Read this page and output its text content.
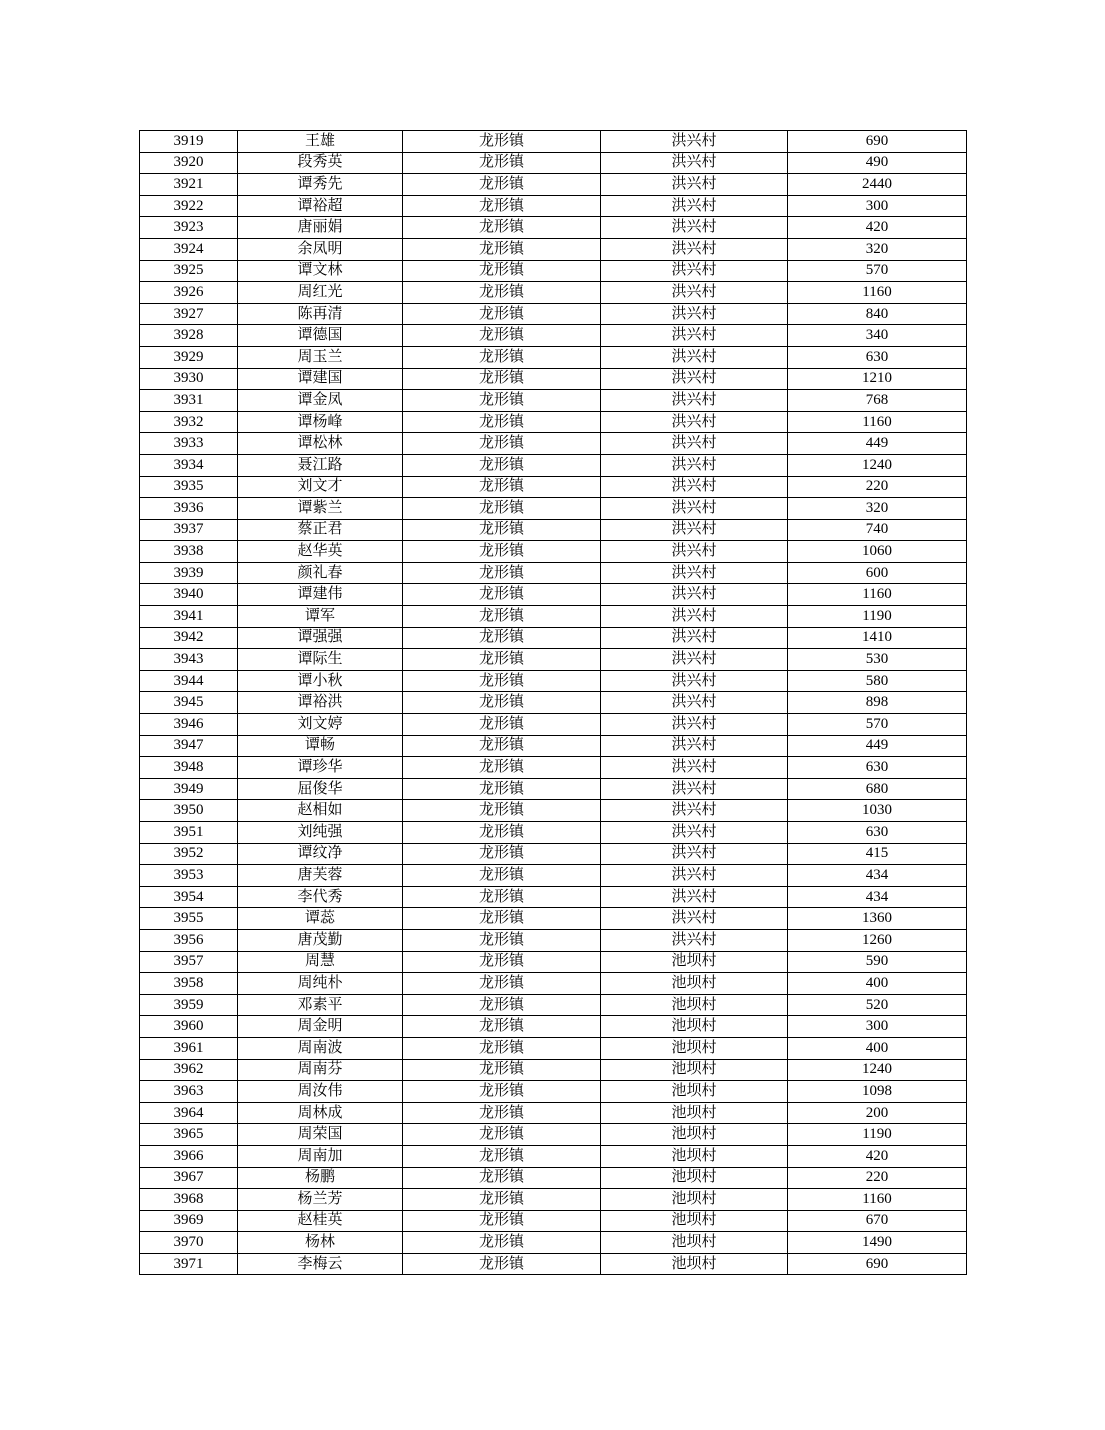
3919	王雄	龙形镇	洪兴村	690
3920	段秀英	龙形镇	洪兴村	490
3921	谭秀先	龙形镇	洪兴村	2440
3922	谭裕超	龙形镇	洪兴村	300
3923	唐丽娟	龙形镇	洪兴村	420
3924	余凤明	龙形镇	洪兴村	320
3925	谭文林	龙形镇	洪兴村	570
3926	周红光	龙形镇	洪兴村	1160
3927	陈再清	龙形镇	洪兴村	840
3928	谭德国	龙形镇	洪兴村	340
3929	周玉兰	龙形镇	洪兴村	630
3930	谭建国	龙形镇	洪兴村	1210
3931	谭金凤	龙形镇	洪兴村	768
3932	谭杨峰	龙形镇	洪兴村	1160
3933	谭松林	龙形镇	洪兴村	449
3934	聂江路	龙形镇	洪兴村	1240
3935	刘文才	龙形镇	洪兴村	220
3936	谭紫兰	龙形镇	洪兴村	320
3937	蔡正君	龙形镇	洪兴村	740
3938	赵华英	龙形镇	洪兴村	1060
3939	颜礼春	龙形镇	洪兴村	600
3940	谭建伟	龙形镇	洪兴村	1160
3941	谭军	龙形镇	洪兴村	1190
3942	谭强强	龙形镇	洪兴村	1410
3943	谭际生	龙形镇	洪兴村	530
3944	谭小秋	龙形镇	洪兴村	580
3945	谭裕洪	龙形镇	洪兴村	898
3946	刘文婷	龙形镇	洪兴村	570
3947	谭畅	龙形镇	洪兴村	449
3948	谭珍华	龙形镇	洪兴村	630
3949	屈俊华	龙形镇	洪兴村	680
3950	赵相如	龙形镇	洪兴村	1030
3951	刘纯强	龙形镇	洪兴村	630
3952	谭纹净	龙形镇	洪兴村	415
3953	唐芙蓉	龙形镇	洪兴村	434
3954	李代秀	龙形镇	洪兴村	434
3955	谭蕊	龙形镇	洪兴村	1360
3956	唐茂勤	龙形镇	洪兴村	1260
3957	周慧	龙形镇	池坝村	590
3958	周纯朴	龙形镇	池坝村	400
3959	邓素平	龙形镇	池坝村	520
3960	周金明	龙形镇	池坝村	300
3961	周南波	龙形镇	池坝村	400
3962	周南芬	龙形镇	池坝村	1240
3963	周汝伟	龙形镇	池坝村	1098
3964	周林成	龙形镇	池坝村	200
3965	周荣国	龙形镇	池坝村	1190
3966	周南加	龙形镇	池坝村	420
3967	杨鹏	龙形镇	池坝村	220
3968	杨兰芳	龙形镇	池坝村	1160
3969	赵桂英	龙形镇	池坝村	670
3970	杨林	龙形镇	池坝村	1490
3971	李梅云	龙形镇	池坝村	690
